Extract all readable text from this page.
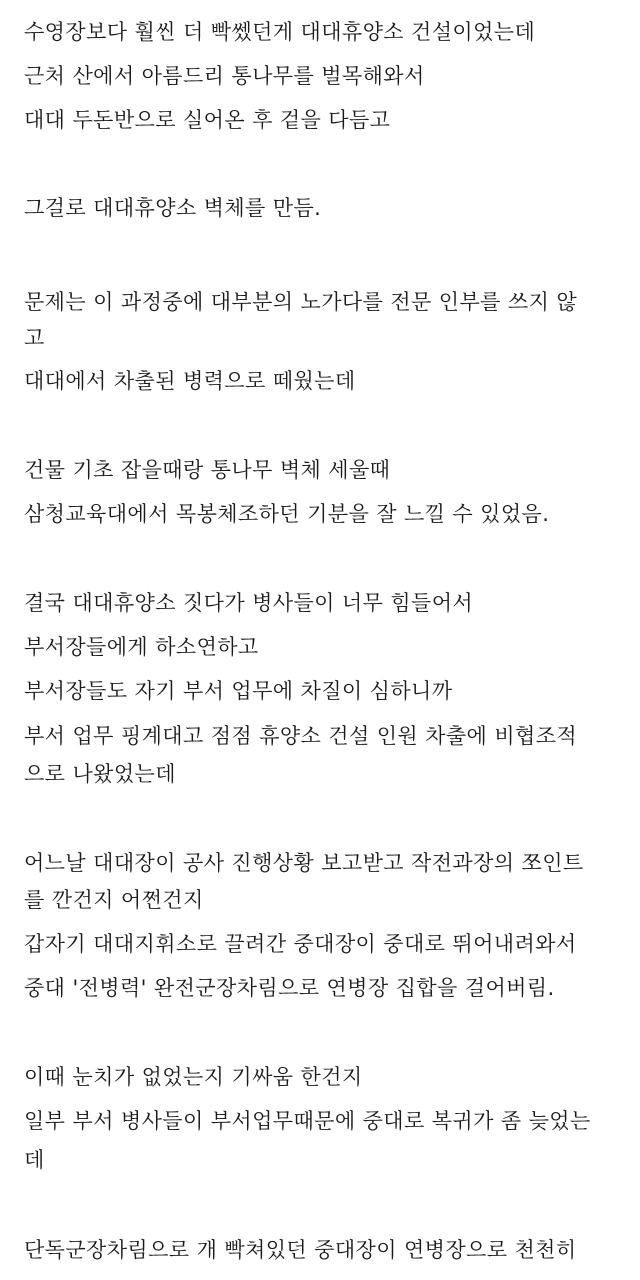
수영장보다 훨씬 더 빡쎘던게 대대휴양소 건설이었는데
근처 산에서 아름드리 통나무를 벌목해와서
대대 두돈반으로 실어온 후 겉을 다듬고
그걸로 대대휴양소 벽체를 만듬.
문제는 이 과정중에 대부분의 노가다를 전문 인부를 쓰지 않
고
대대에서 차출된 병력으로 떼웠는데
건물 기초 잡을때랑 통나무 벽체 세울때
삼청교육대에서 목봉체조하던 기분을 잘 느낄 수 있었음.
결국 대대휴양소 짓다가 병사들이 너무 힘들어서
부서장들에게 하소연하고
부서장들도 자기 부서 업무에 차질이 심하니까
부서 업무 핑계대고 점점 휴양소 건설 인원 차출에 비협조적
으로 나왔었는데
어느날 대대장이 공사 진행상황 보고받고 작전과장의 쪼인트
를 깐건지 어쩐건지
갑자기 대대지휘소로 끌려간 중대장이 중대로 뛰어내려와서
중대 '전병력' 완전군장차림으로 연병장 집합을 걸어버림.
이때 눈치가 없었는지 기싸움 한건지
일부 부서 병사들이 부서업무때문에 중대로 복귀가 좀 늦었는
데
단독군장차림으로 개 빡쳐있던 중대장이 연병장으로 천천히
